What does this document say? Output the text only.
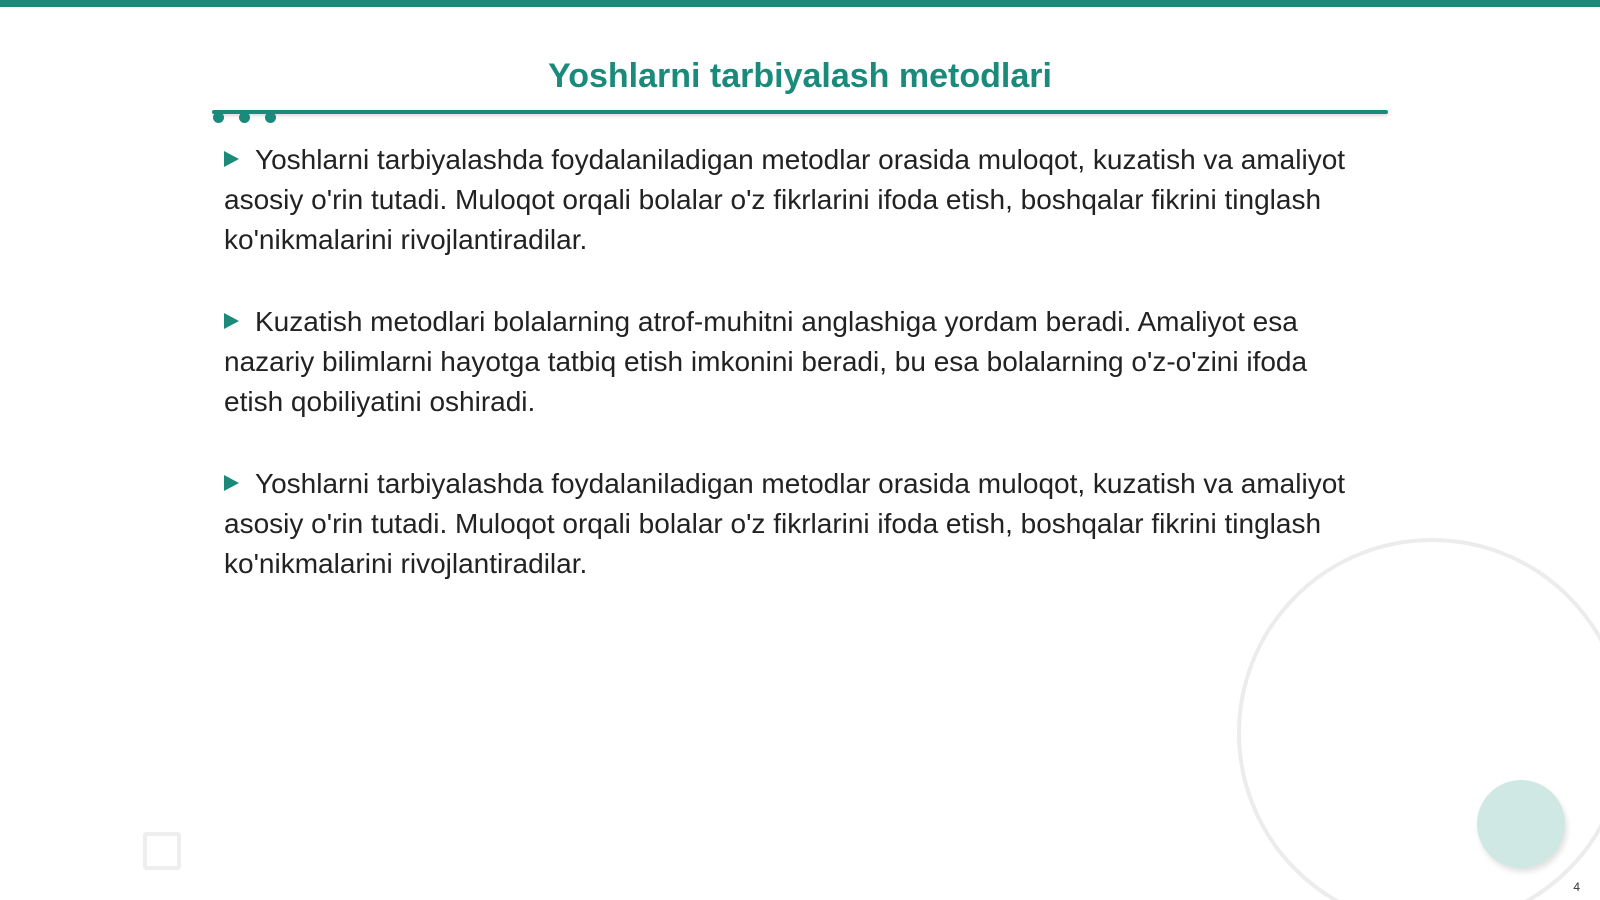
Yoshlarni tarbiyalash metodlari

Yoshlarni tarbiyalashda foydalaniladigan metodlar orasida muloqot, kuzatish va amaliyot asosiy o'rin tutadi. Muloqot orqali bolalar o'z fikrlarini ifoda etish, boshqalar fikrini tinglash ko'nikmalarini rivojlantiradilar.

Kuzatish metodlari bolalarning atrof-muhitni anglashiga yordam beradi. Amaliyot esa nazariy bilimlarni hayotga tatbiq etish imkonini beradi, bu esa bolalarning o'z-o'zini ifoda etish qobiliyatini oshiradi.

Yoshlarni tarbiyalashda foydalaniladigan metodlar orasida muloqot, kuzatish va amaliyot asosiy o'rin tutadi. Muloqot orqali bolalar o'z fikrlarini ifoda etish, boshqalar fikrini tinglash ko'nikmalarini rivojlantiradilar.

4
